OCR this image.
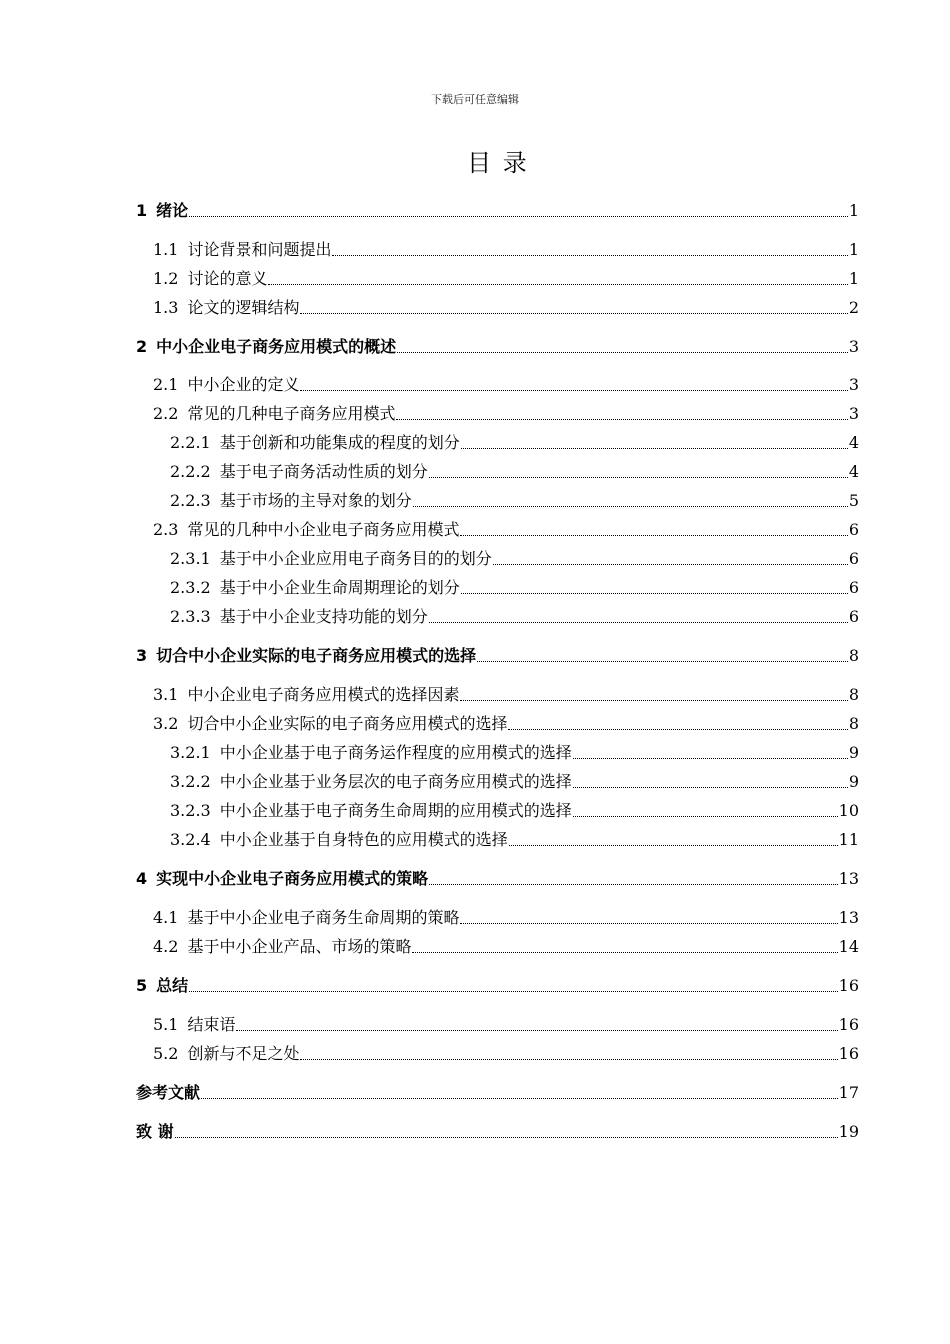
下载后可任意编辑
目 录
1 绪论	1
1.1 讨论背景和问题提出	1
1.2 讨论的意义	1
1.3 论文的逻辑结构	2
2 中小企业电子商务应用模式的概述	3
2.1 中小企业的定义	3
2.2 常见的几种电子商务应用模式	3
2.2.1 基于创新和功能集成的程度的划分	4
2.2.2 基于电子商务活动性质的划分	4
2.2.3 基于市场的主导对象的划分	5
2.3 常见的几种中小企业电子商务应用模式	6
2.3.1 基于中小企业应用电子商务目的的划分	6
2.3.2 基于中小企业生命周期理论的划分	6
2.3.3 基于中小企业支持功能的划分	6
3 切合中小企业实际的电子商务应用模式的选择	8
3.1 中小企业电子商务应用模式的选择因素	8
3.2 切合中小企业实际的电子商务应用模式的选择	8
3.2.1 中小企业基于电子商务运作程度的应用模式的选择	9
3.2.2 中小企业基于业务层次的电子商务应用模式的选择	9
3.2.3 中小企业基于电子商务生命周期的应用模式的选择	10
3.2.4 中小企业基于自身特色的应用模式的选择	11
4 实现中小企业电子商务应用模式的策略	13
4.1 基于中小企业电子商务生命周期的策略	13
4.2 基于中小企业产品、市场的策略	14
5 总结	16
5.1 结束语	16
5.2 创新与不足之处	16
参考文献	17
致 谢	19
